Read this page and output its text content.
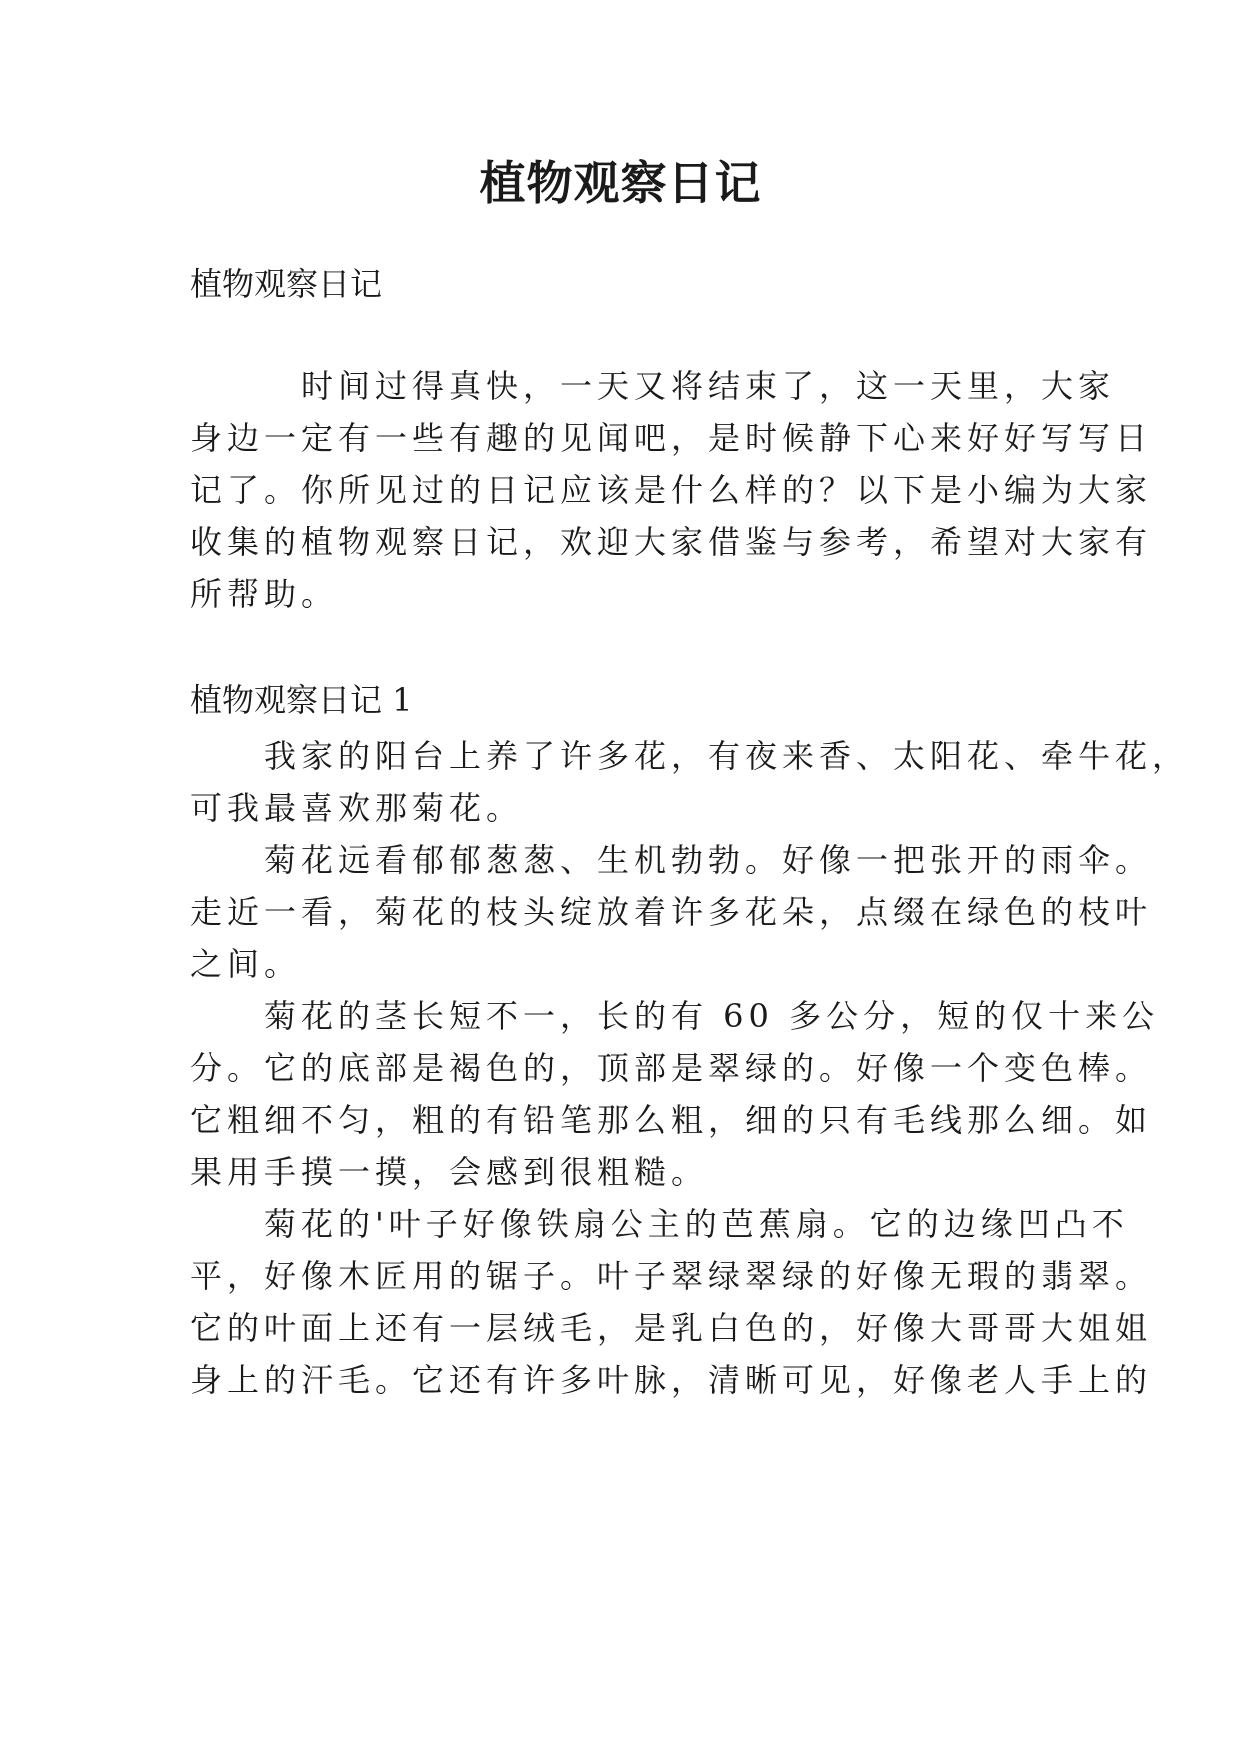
植物观察日记

植物观察日记

　　　时间过得真快，一天又将结束了，这一天里，大家

身边一定有一些有趣的见闻吧，是时候静下心来好好写写日

记了。你所见过的日记应该是什么样的？以下是小编为大家

收集的植物观察日记，欢迎大家借鉴与参考，希望对大家有

所帮助。

植物观察日记 1

　　我家的阳台上养了许多花，有夜来香、太阳花、牵牛花，

可我最喜欢那菊花。

　　菊花远看郁郁葱葱、生机勃勃。好像一把张开的雨伞。

走近一看，菊花的枝头绽放着许多花朵，点缀在绿色的枝叶

之间。

　　菊花的茎长短不一，长的有 60 多公分，短的仅十来公

分。它的底部是褐色的，顶部是翠绿的。好像一个变色棒。

它粗细不匀，粗的有铅笔那么粗，细的只有毛线那么细。如

果用手摸一摸，会感到很粗糙。

　　菊花的'叶子好像铁扇公主的芭蕉扇。它的边缘凹凸不

平，好像木匠用的锯子。叶子翠绿翠绿的好像无瑕的翡翠。

它的叶面上还有一层绒毛，是乳白色的，好像大哥哥大姐姐

身上的汗毛。它还有许多叶脉，清晰可见，好像老人手上的
